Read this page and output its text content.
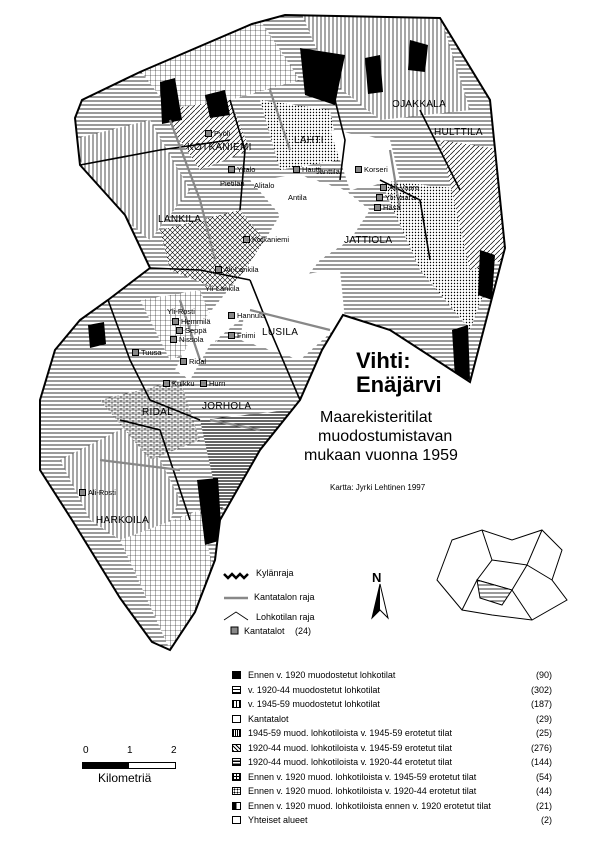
KOTKANIEMI
LAHTI
OJAKKALA
HULTTILA
LANKILA
JATTIOLA
LUSILA
RIDAL
JORHOLA
HARKOILA
Pyöli
Yitalo
Pietilän Alitalo
Hautti
Jänttilä	Korseri
Antila
Ali-Vaara
Yli-Vaara
Hasa
Kotkaniemi
Ali-Lankila
Yli-Lankila
Yli-Rosti
Hemmilä
Seppä
Nissola
Hannula
Fnimi
Tuusa
Ridal
Kulkku	Hurri
Ali-Rosti
Vihti:
Enäjärvi
Maarekisteritilat
muodostumistavan
mukaan vuonna 1959
Kartta: Jyrki Lehtinen 1997
N
Kylänraja
Kantatalon raja
Lohkotilan raja
Kantatalot (24)
Ennen v. 1920 muodostetut lohkotilat	(90)
v. 1920-44 muodostetut lohkotilat	(302)
v. 1945-59 muodostetut lohkotilat	(187)
Kantatalot	(29)
1945-59 muod. lohkotiloista v. 1945-59 erotetut tilat	(25)
1920-44 muod. lohkotiloista v. 1945-59 erotetut tilat	(276)
1920-44 muod. lohkotiloista v. 1920-44 erotetut tilat	(144)
Ennen v. 1920 muod. lohkotiloista v. 1945-59 erotetut tilat	(54)
Ennen v. 1920 muod. lohkotiloista v. 1920-44 erotetut tilat	(44)
Ennen v. 1920 muod. lohkotiloista ennen v. 1920 erotetut tilat	(21)
Yhteiset alueet	(2)
0	1	2
Kilometriä
